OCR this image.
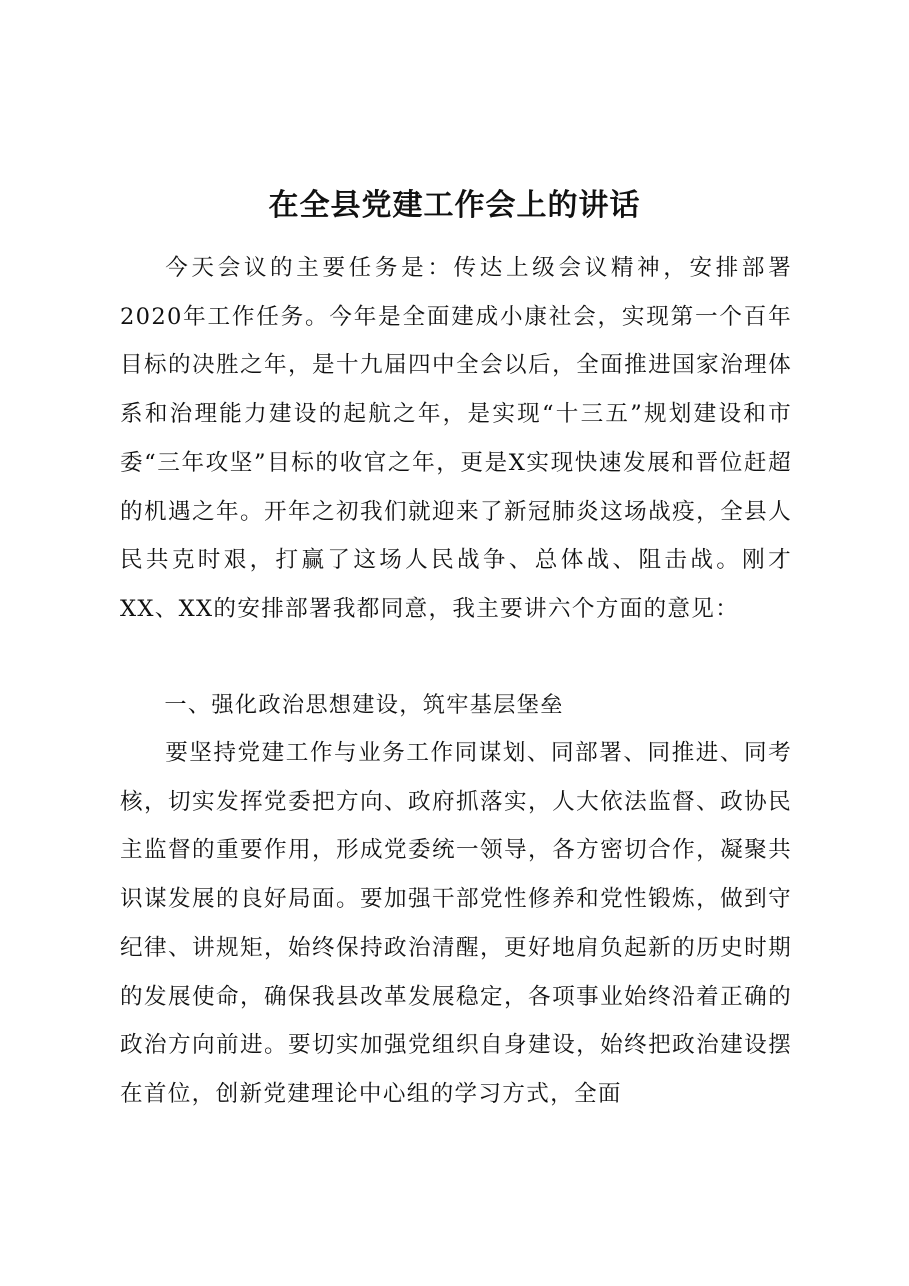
在全县党建工作会上的讲话

今天会议的主要任务是：传达上级会议精神，安排部署2020年工作任务。今年是全面建成小康社会，实现第一个百年目标的决胜之年，是十九届四中全会以后，全面推进国家治理体系和治理能力建设的起航之年，是实现“十三五”规划建设和市委“三年攻坚”目标的收官之年，更是X实现快速发展和晋位赶超的机遇之年。开年之初我们就迎来了新冠肺炎这场战疫，全县人民共克时艰，打赢了这场人民战争、总体战、阻击战。刚才XX、XX的安排部署我都同意，我主要讲六个方面的意见：

一、强化政治思想建设，筑牢基层堡垒

要坚持党建工作与业务工作同谋划、同部署、同推进、同考核，切实发挥党委把方向、政府抓落实，人大依法监督、政协民主监督的重要作用，形成党委统一领导，各方密切合作，凝聚共识谋发展的良好局面。要加强干部党性修养和党性锻炼，做到守纪律、讲规矩，始终保持政治清醒，更好地肩负起新的历史时期的发展使命，确保我县改革发展稳定，各项事业始终沿着正确的政治方向前进。要切实加强党组织自身建设，始终把政治建设摆在首位，创新党建理论中心组的学习方式，全面
